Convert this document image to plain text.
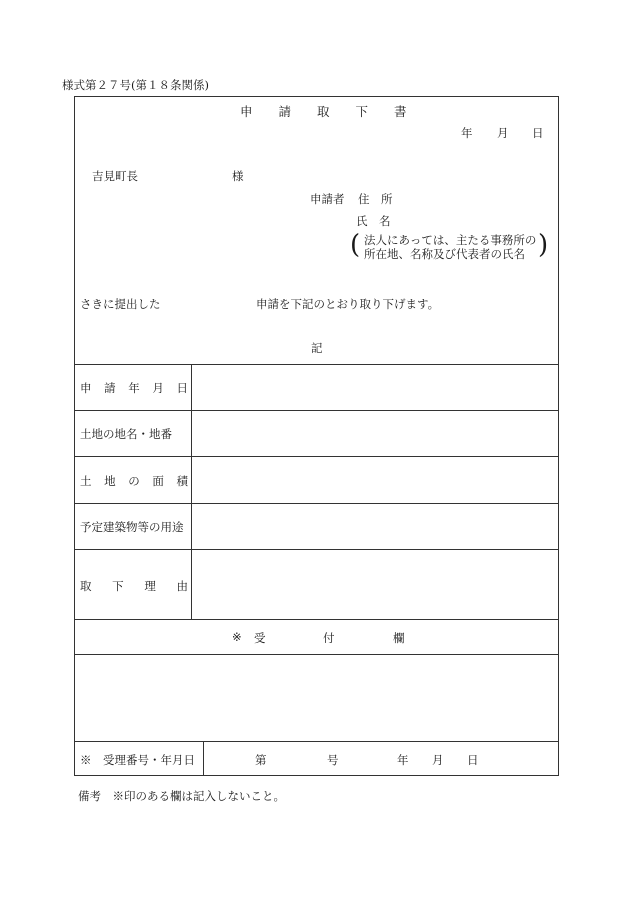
様式第２７号(第１８条関係)
申 請 取 下 書
年 月 日
吉見町長	様
申請者 住　所
氏　名
( 法人にあっては、主たる事務所の
所在地、名称及び代表者の氏名 )
さきに提出した	申請を下記のとおり取り下げます。
記
申 請 年 月 日
土地の地名・地番
土 地 の 面 積
予定建築物等の用途
取 下 理 由
※ 受	付	欄
※　受理番号・年月日	第	号	年 月 日
備考　※印のある欄は記入しないこと。
